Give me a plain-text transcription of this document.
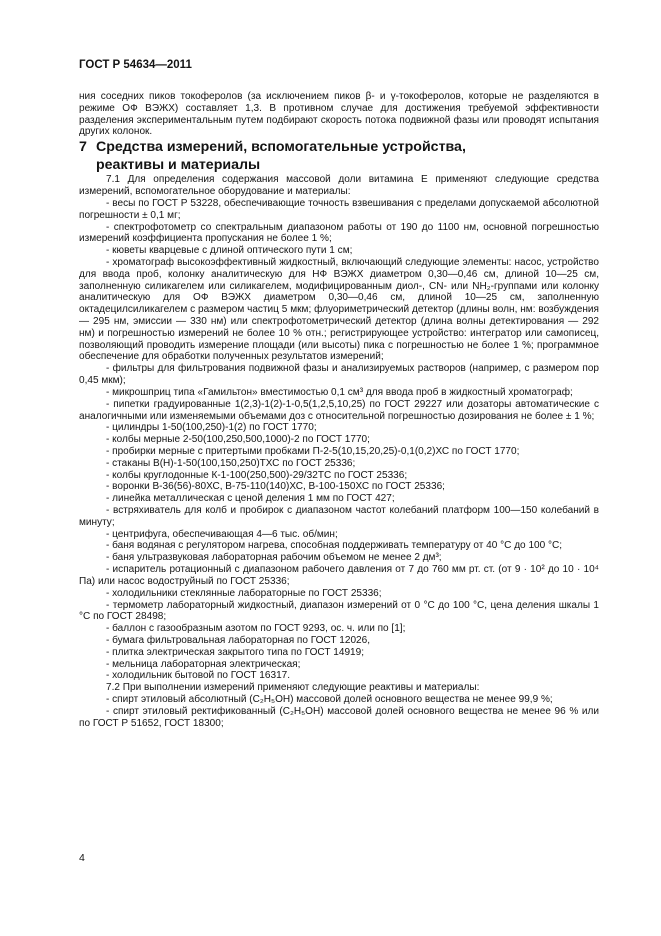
ГОСТ Р 54634—2011

ния соседних пиков токоферолов (за исключением пиков β- и γ-токоферолов, которые не разделяются в режиме ОФ ВЭЖХ) составляет 1,3. В противном случае для достижения требуемой эффективности разделения экспериментальным путем подбирают скорость потока подвижной фазы или проводят испытания других колонок.

7 Средства измерений, вспомогательные устройства,
реактивы и материалы

7.1 Для определения содержания массовой доли витамина Е применяют следующие средства измерений, вспомогательное оборудование и материалы:

- весы по ГОСТ Р 53228, обеспечивающие точность взвешивания с пределами допускаемой абсолютной погрешности ± 0,1 мг;

- спектрофотометр со спектральным диапазоном работы от 190 до 1100 нм, основной погрешностью измерений коэффициента пропускания не более 1 %;

- кюветы кварцевые с длиной оптического пути 1 см;

- хроматограф высокоэффективный жидкостный, включающий следующие элементы: насос, устройство для ввода проб, колонку аналитическую для НФ ВЭЖХ диаметром 0,30—0,46 см, длиной 10—25 см, заполненную силикагелем или силикагелем, модифицированным диол-, CN- или NH₂-группами или колонку аналитическую для ОФ ВЭЖХ диаметром 0,30—0,46 см, длиной 10—25 см, заполненную октадецилсиликагелем с размером частиц 5 мкм; флуориметрический детектор (длины волн, нм: возбуждения — 295 нм, эмиссии — 330 нм) или спектрофотометрический детектор (длина волны детектирования — 292 нм) и погрешностью измерений не более 10 % отн.; регистрирующее устройство: интегратор или самописец, позволяющий проводить измерение площади (или высоты) пика с погрешностью не более 1 %; программное обеспечение для обработки полученных результатов измерений;

- фильтры для фильтрования подвижной фазы и анализируемых растворов (например, с размером пор 0,45 мкм);

- микрошприц типа «Гамильтон» вместимостью 0,1 см³ для ввода проб в жидкостный хроматограф;

- пипетки градуированные 1(2,3)-1(2)-1-0,5(1,2,5,10,25) по ГОСТ 29227 или дозаторы автоматические с аналогичными или изменяемыми объемами доз с относительной погрешностью дозирования не более ± 1 %;

- цилиндры 1-50(100,250)-1(2) по ГОСТ 1770;

- колбы мерные 2-50(100,250,500,1000)-2 по ГОСТ 1770;

- пробирки мерные с притертыми пробками П-2-5(10,15,20,25)-0,1(0,2)ХС по ГОСТ 1770;

- стаканы В(Н)-1-50(100,150,250)ТХС по ГОСТ 25336;

- колбы круглодонные К-1-100(250,500)-29/32ТС по ГОСТ 25336;

- воронки В-36(56)-80ХС, В-75-110(140)ХС, В-100-150ХС по ГОСТ 25336;

- линейка металлическая с ценой деления 1 мм по ГОСТ 427;

- встряхиватель для колб и пробирок с диапазоном частот колебаний платформ 100—150 колебаний в минуту;

- центрифуга, обеспечивающая 4—6 тыс. об/мин;

- баня водяная с регулятором нагрева, способная поддерживать температуру от 40 °С до 100 °С;

- баня ультразвуковая лабораторная рабочим объемом не менее 2 дм³;

- испаритель ротационный с диапазоном рабочего давления от 7 до 760 мм рт. ст. (от 9 · 10² до 10 · 10⁴ Па) или насос водоструйный по ГОСТ 25336;

- холодильники стеклянные лабораторные по ГОСТ 25336;

- термометр лабораторный жидкостный, диапазон измерений от 0 °С до 100 °С, цена деления шкалы 1 °С по ГОСТ 28498;

- баллон с газообразным азотом по ГОСТ 9293, ос. ч. или по [1];

- бумага фильтровальная лабораторная по ГОСТ 12026,

- плитка электрическая закрытого типа по ГОСТ 14919;

- мельница лабораторная электрическая;

- холодильник бытовой по ГОСТ 16317.

7.2 При выполнении измерений применяют следующие реактивы и материалы:

- спирт этиловый абсолютный (C₂H₅OH) массовой долей основного вещества не менее 99,9 %;

- спирт этиловый ректификованный (C₂H₅OH) массовой долей основного вещества не менее 96 % или по ГОСТ Р 51652, ГОСТ 18300;

4
